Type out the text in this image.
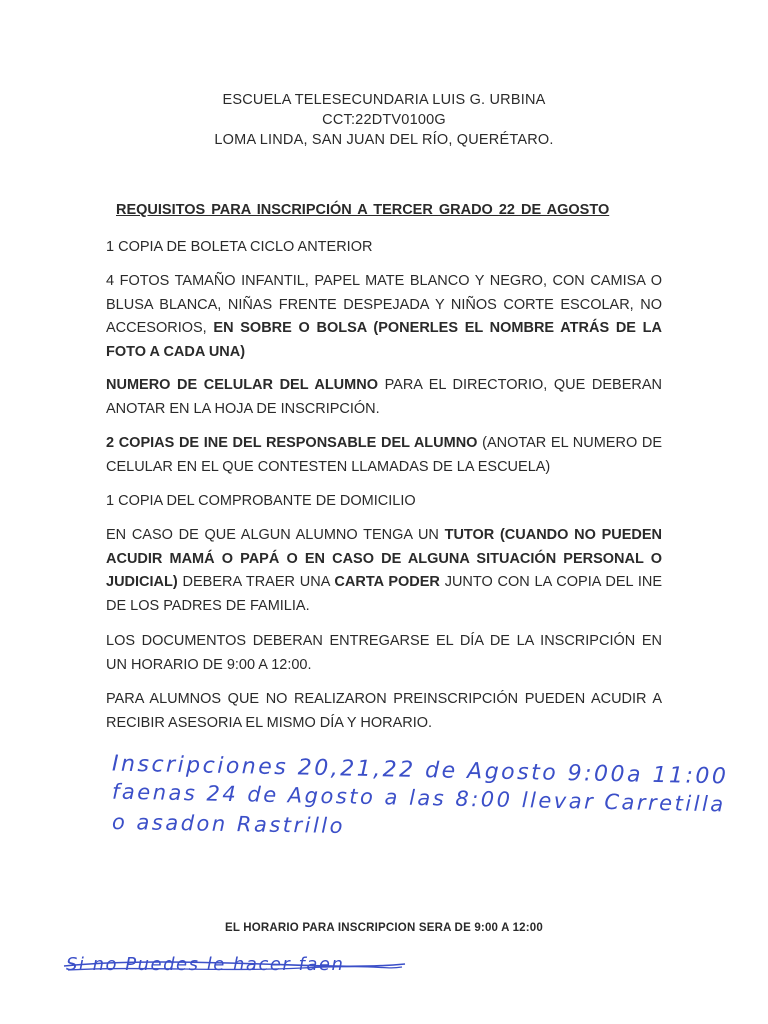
ESCUELA TELESECUNDARIA LUIS G. URBINA
CCT:22DTV0100G
LOMA LINDA, SAN JUAN DEL RÍO, QUERÉTARO.
REQUISITOS PARA INSCRIPCIÓN A TERCER GRADO 22 DE AGOSTO
1 COPIA DE BOLETA CICLO ANTERIOR
4 FOTOS TAMAÑO INFANTIL, PAPEL MATE BLANCO Y NEGRO, CON CAMISA O BLUSA BLANCA, NIÑAS FRENTE DESPEJADA Y NIÑOS CORTE ESCOLAR, NO ACCESORIOS, EN SOBRE O BOLSA (PONERLES EL NOMBRE ATRÁS DE LA FOTO A CADA UNA)
NUMERO DE CELULAR DEL ALUMNO PARA EL DIRECTORIO, QUE DEBERAN ANOTAR EN LA HOJA DE INSCRIPCIÓN.
2 COPIAS DE INE DEL RESPONSABLE DEL ALUMNO (ANOTAR EL NUMERO DE CELULAR EN EL QUE CONTESTEN LLAMADAS DE LA ESCUELA)
1 COPIA DEL COMPROBANTE DE DOMICILIO
EN CASO DE QUE ALGUN ALUMNO TENGA UN TUTOR (CUANDO NO PUEDEN ACUDIR MAMÁ O PAPÁ O EN CASO DE ALGUNA SITUACIÓN PERSONAL O JUDICIAL) DEBERA TRAER UNA CARTA PODER JUNTO CON LA COPIA DEL INE DE LOS PADRES DE FAMILIA.
LOS DOCUMENTOS DEBERAN ENTREGARSE EL DÍA DE LA INSCRIPCIÓN EN UN HORARIO DE 9:00 A 12:00.
PARA ALUMNOS QUE NO REALIZARON PREINSCRIPCIÓN PUEDEN ACUDIR A RECIBIR ASESORIA EL MISMO DÍA Y HORARIO.
Inscripciones 20,21,22 de Agosto 9:00a 11:00
faenas 24 de Agosto a las 8:00 llevar Carretilla
o asadon Rastrillo
EL HORARIO PARA INSCRIPCION SERA DE 9:00 A 12:00
Si no Puedes le hacer faen
